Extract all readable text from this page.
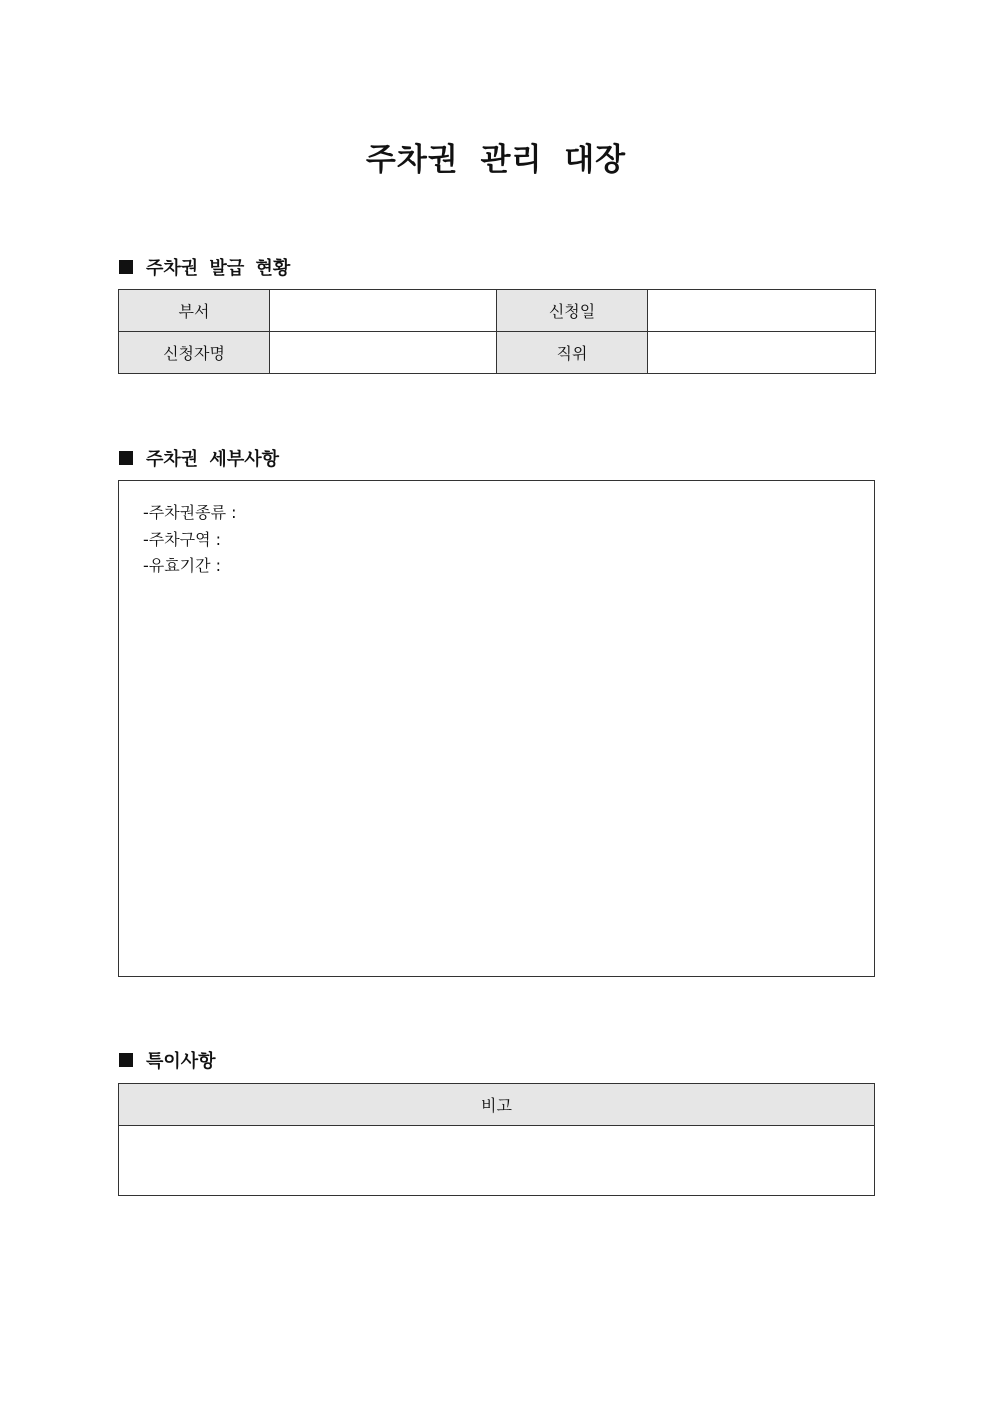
주차권 관리 대장
주차권 발급 현황
부서		신청일	
신청자명		직위	
주차권 세부사항
-주차권종류 :
-주차구역 :
-유효기간 :
특이사항
비고
